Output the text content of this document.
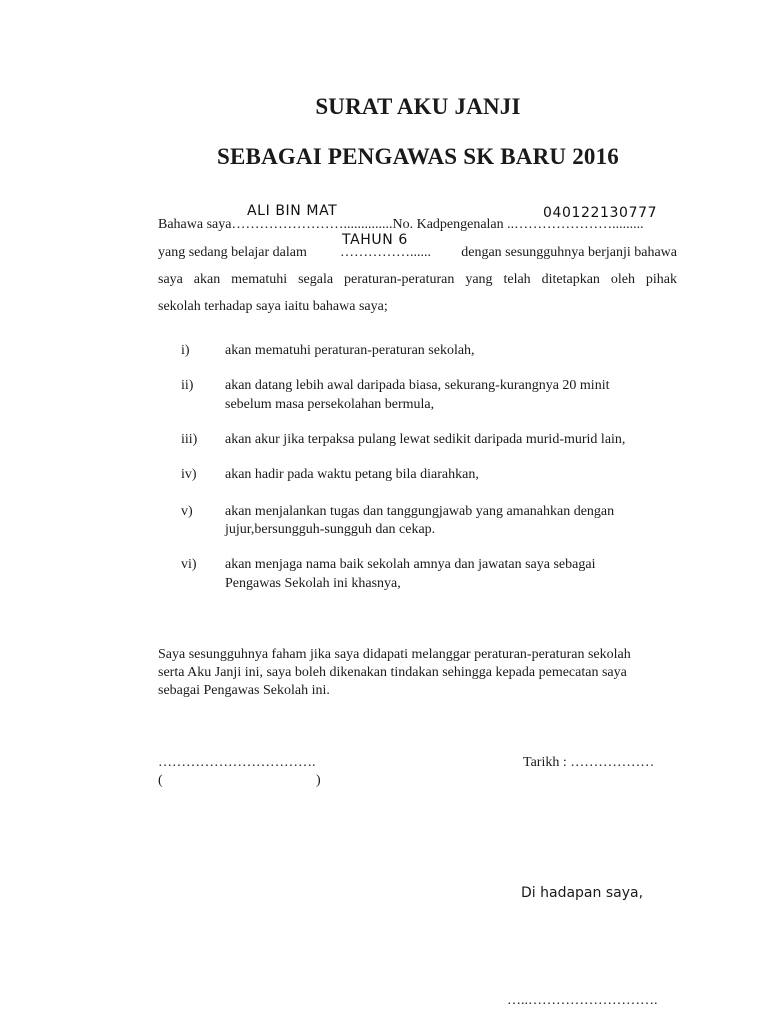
SURAT AKU JANJI
SEBAGAI PENGAWAS SK BARU 2016
ALI BIN MAT	040122130777
TAHUN 6
Bahawa saya……………………..............No. Kadpengenalan ..………………….........
yang sedang belajar dalam ……………...... dengan sesungguhnya berjanji bahawa
saya akan mematuhi segala peraturan-peraturan yang telah ditetapkan oleh pihak
sekolah terhadap saya iaitu bahawa saya;
i)	akan mematuhi peraturan-peraturan sekolah,
ii) akan datang lebih awal daripada biasa, sekurang-kurangnya 20 minit
sebelum masa persekolahan bermula,
iii) akan akur jika terpaksa pulang lewat sedikit daripada murid-murid lain,
iv) akan hadir pada waktu petang bila diarahkan,
v) akan menjalankan tugas dan tanggungjawab yang amanahkan dengan
jujur,bersungguh-sungguh dan cekap.
vi) akan menjaga nama baik sekolah amnya dan jawatan saya sebagai
Pengawas Sekolah ini khasnya,
Saya sesungguhnya faham jika saya didapati melanggar peraturan-peraturan sekolah
serta Aku Janji ini, saya boleh dikenakan tindakan sehingga kepada pemecatan saya
sebagai Pengawas Sekolah ini.
…………………………….
(	)
Tarikh : ………………
Di hadapan saya,
…..……………………….
